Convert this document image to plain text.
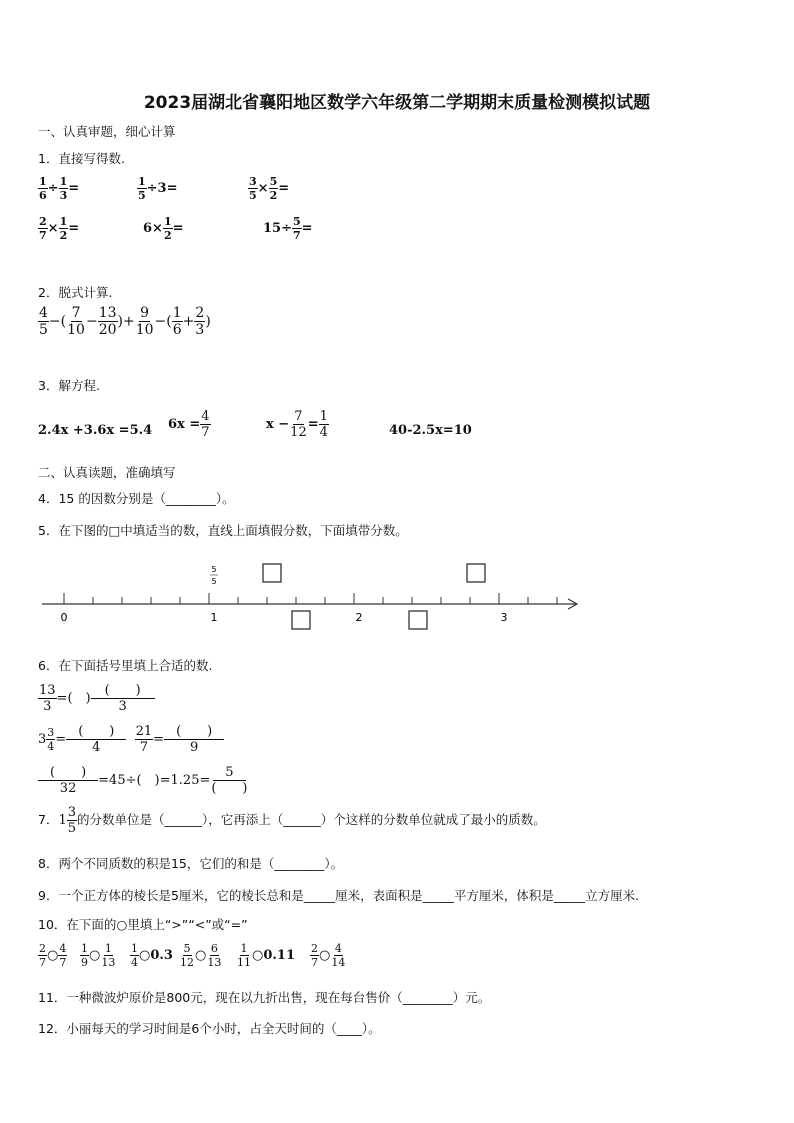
2023届湖北省襄阳地区数学六年级第二学期期末质量检测模拟试题
一、认真审题，细心计算
1．直接写得数.
$\frac{1}{6} \div \frac{1}{3}$ =	$\frac{1}{5} \div 3=$	$\frac{3}{5} \times \frac{5}{2}$ =
$\frac{2}{7} \times \frac{1}{2}$ =	$6\times \frac{1}{2}$ =	$15\div \frac{5}{7}$ =
2．脱式计算.
$\frac{4}{5}$ −( $\frac{7}{10} - \frac{13}{20}$ )+ $\frac{9}{10}$ −( $\frac{1}{6} + \frac{2}{3}$ )
3．解方程.
2.4x +3.6x =5.4 $6x = \frac{4}{7}$	$x - \frac{7}{12} = \frac{1}{4}$	40-2.5x=10
二、认真读题，准确填写
4．15 的因数分别是（________）。
5．在下图的□中填适当的数，直线上面填假分数，下面填带分数。
5
5
0	1	2	3
6．在下面括号里填上合适的数.
$\frac{13}{3}$ =(　) $\frac{( )}{3}$
$3 \frac{3}{4} = \frac{( )}{4}$
$\frac{21}{7} = \frac{( )}{9}$
$\frac{( )}{32} =45\div$(　)$=1.25= \frac{5}{( )}$
7．$1 \frac{3}{5}$ 的分数单位是（______），它再添上（______）个这样的分数单位就成了最小的质数。
8．两个不同质数的积是15，它们的和是（________）。
9．一个正方体的棱长是5厘米，它的棱长总和是_____厘米，表面积是_____平方厘米，体积是_____立方厘米.
10．在下面的○里填上“>”“<”或“=”
$\frac{2}{7}$ ○ $\frac{4}{7} \frac{1}{9}$ ○ $\frac{1}{13} \frac{1}{4}$ ○0.3 $\frac{5}{12}$ ○ $\frac{6}{13} \frac{1}{11}$ ○0.11 $\frac{2}{7}$ ○ $\frac{4}{14}$
11．一种微波炉原价是800元，现在以九折出售，现在每台售价（________）元。
12．小丽每天的学习时间是6个小时，占全天时间的（____）。
